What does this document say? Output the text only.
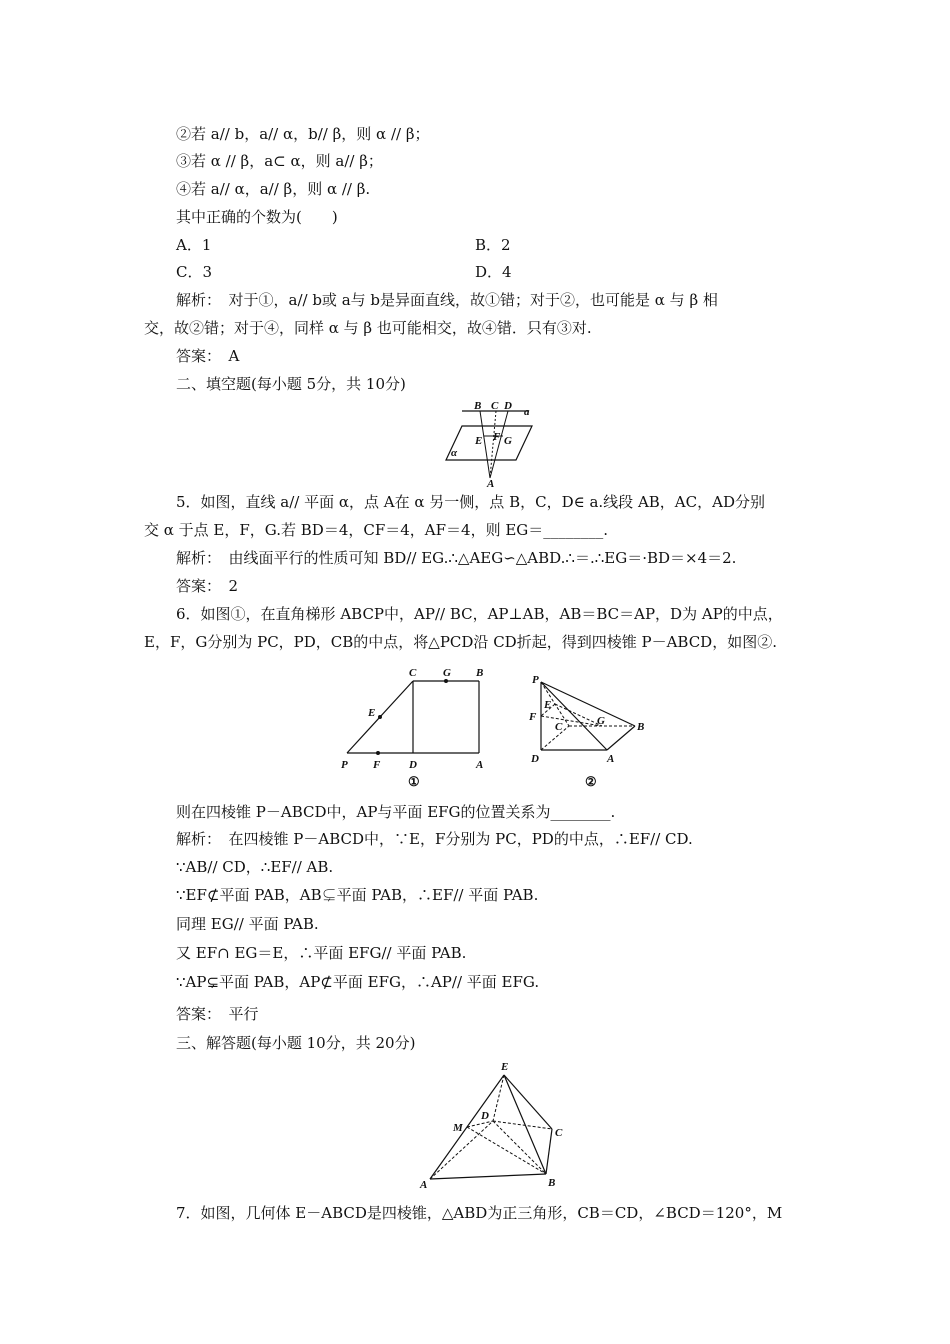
②若 a// b，a// α，b// β，则 α // β；
③若 α // β，a⊂ α，则 a// β；
④若 a// α，a// β，则 α // β.
其中正确的个数为(　　)
A．1	B．2
C．3	D．4
解析：　对于①，a// b或 a与 b是异面直线，故①错；对于②，也可能是 α 与 β 相
交，故②错；对于④，同样 α 与 β 也可能相交，故④错．只有③对.
答案：　A
二、填空题(每小题 5分，共 10分)
B C D a
E F G
α
A
5．如图，直线 a// 平面 α，点 A在 α 另一侧，点 B，C，D∈ a.线段 AB，AC，AD分别
交 α 于点 E，F，G.若 BD＝4，CF＝4，AF＝4，则 EG＝________.
解析：　由线面平行的性质可知 BD// EG.∴△AEG∽△ABD.∴＝.∴EG＝·BD＝×4＝2.
答案：　2
6．如图①，在直角梯形 ABCP中，AP// BC，AP⊥AB，AB＝BC＝AP，D为 AP的中点，
E，F，G分别为 PC，PD，CB的中点，将△PCD沿 CD折起，得到四棱锥 P－ABCD，如图②.
C G B
E
P F	D	A
①
P
E
F	G
C	B
D	A
②
则在四棱锥 P－ABCD中，AP与平面 EFG的位置关系为________.
解析：　在四棱锥 P－ABCD中，∵E，F分别为 PC，PD的中点，∴EF// CD.
∵AB// CD，∴EF// AB.
∵EF⊄平面 PAB，AB⊊平面 PAB，∴EF// 平面 PAB.
同理 EG// 平面 PAB.
又 EF∩ EG＝E，∴平面 EFG// 平面 PAB.
∵AP⊊平面 PAB，AP⊄平面 EFG，∴AP// 平面 EFG.
答案：　平行
三、解答题(每小题 10分，共 20分)
E
M
D
C
A	B
7．如图，几何体 E－ABCD是四棱锥，△ABD为正三角形，CB＝CD，∠BCD＝120°，M
